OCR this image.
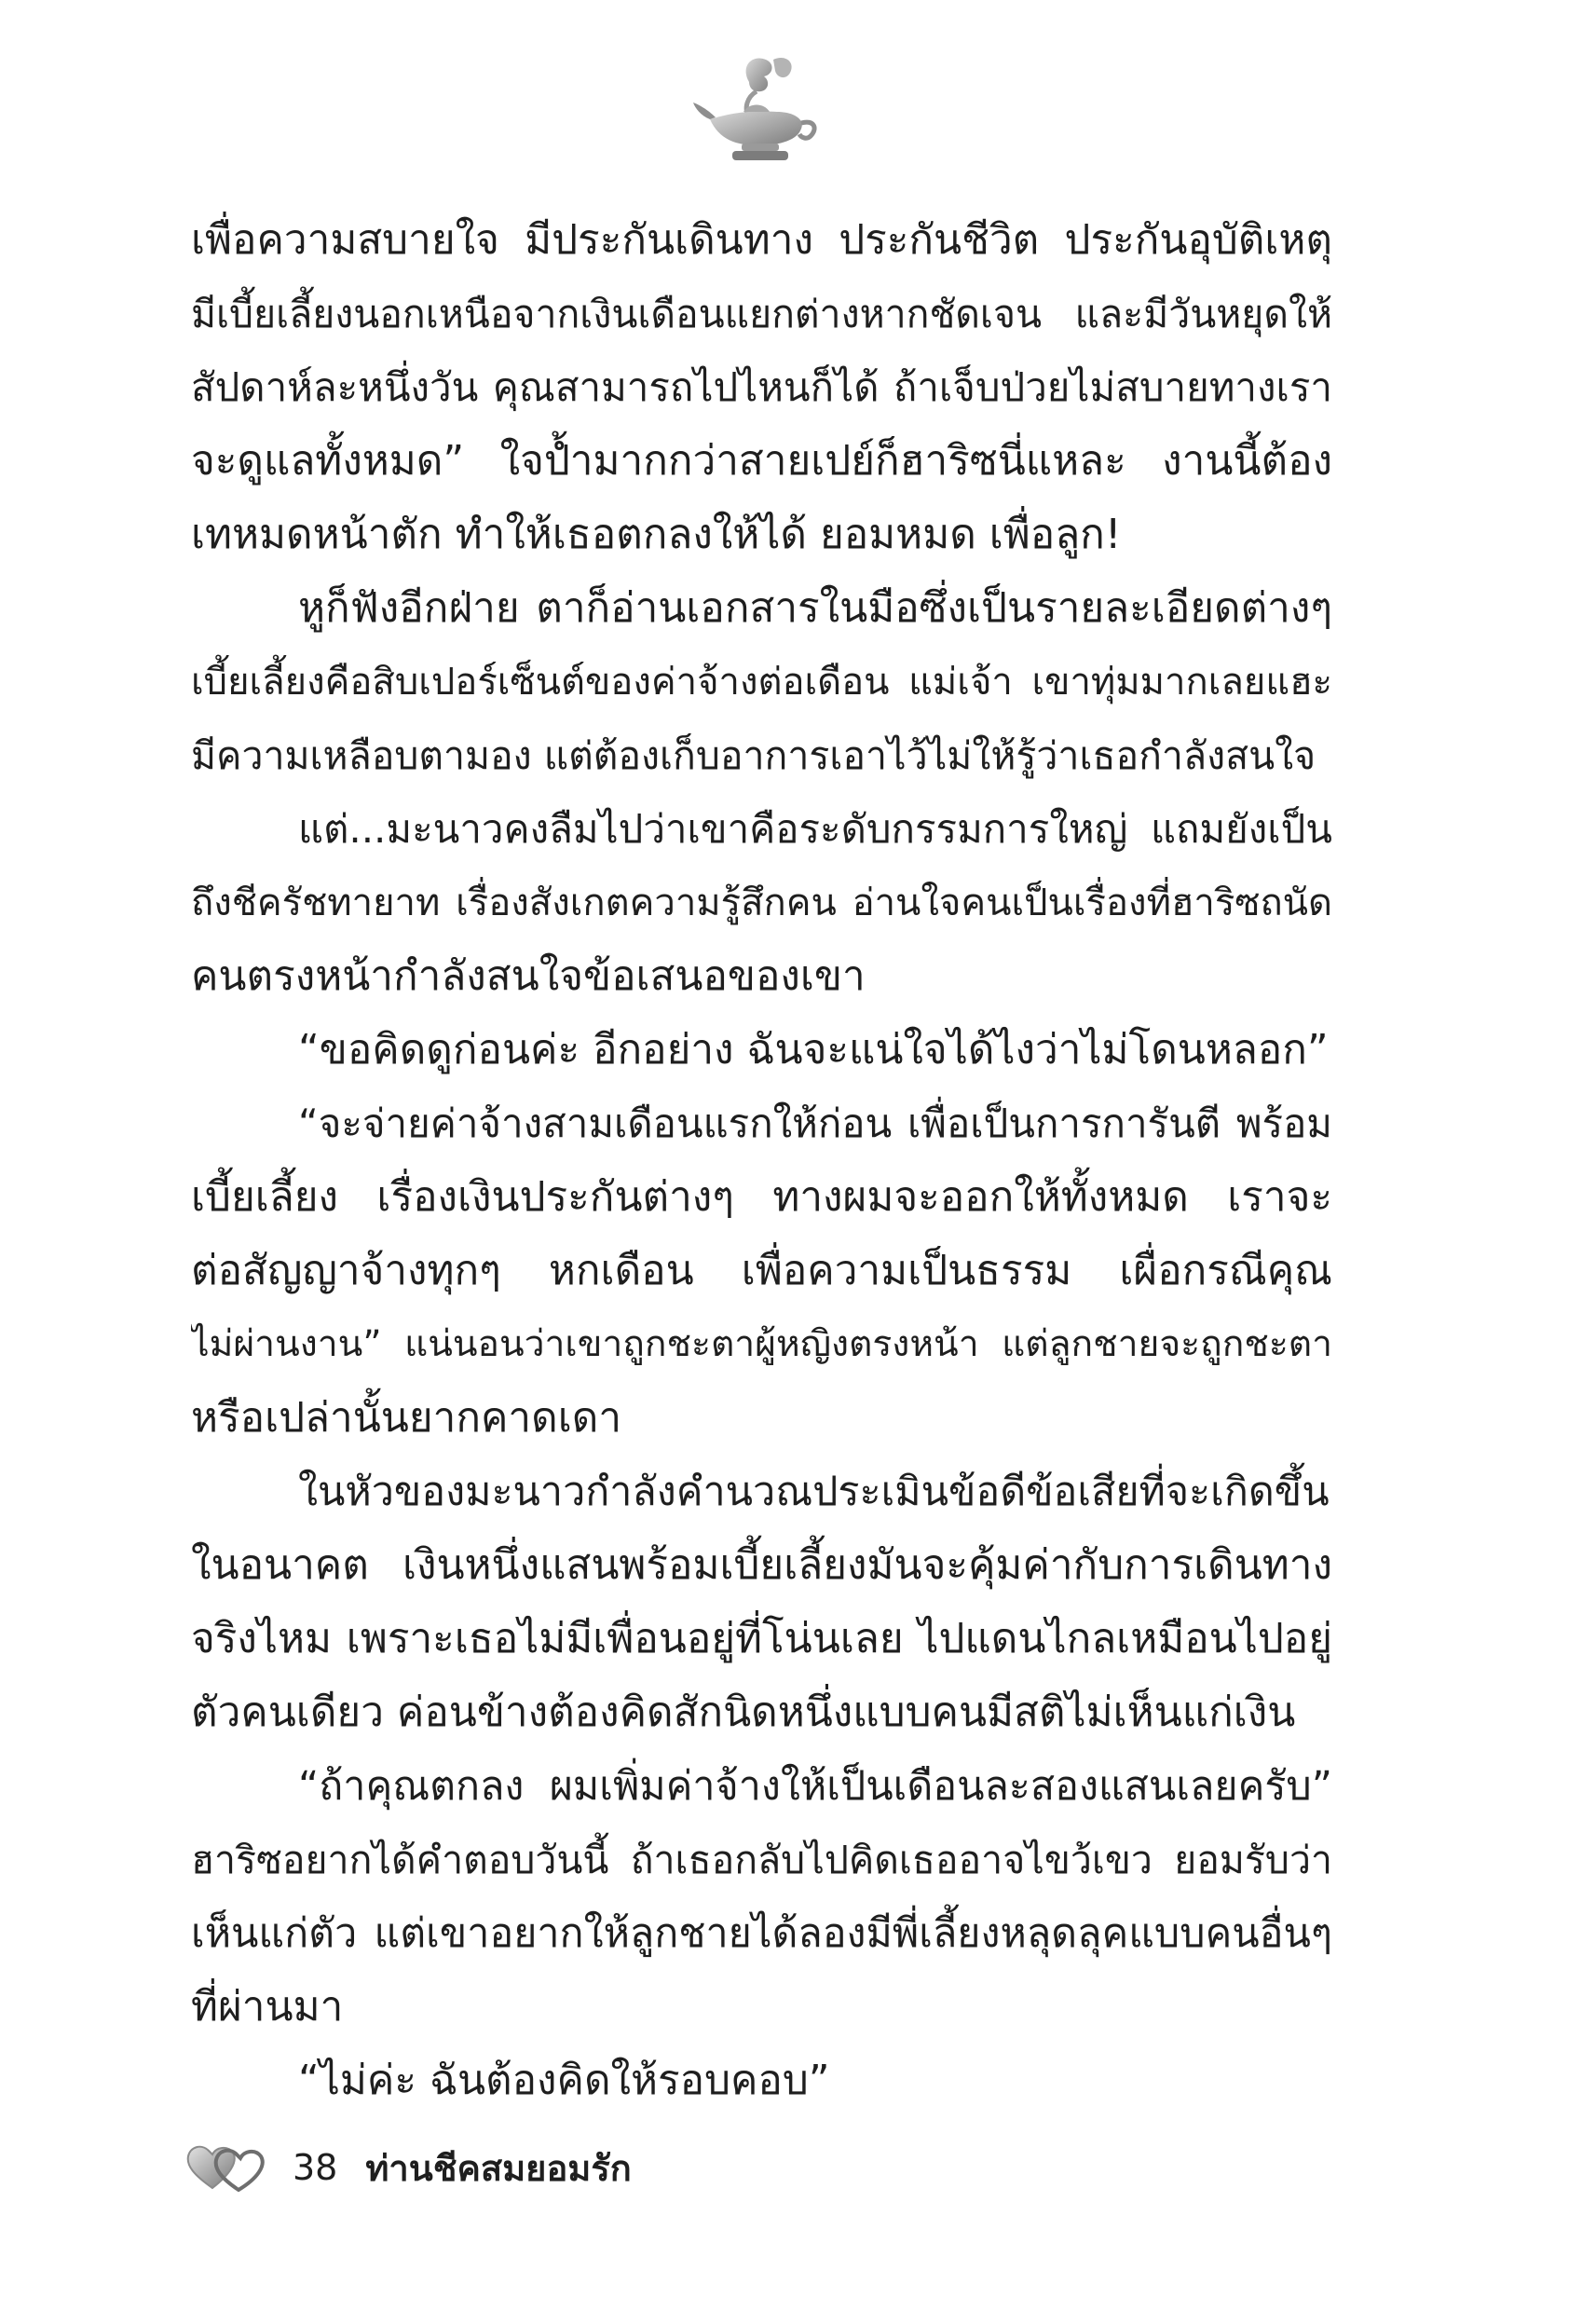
เพื่อความสบายใจ มีประกันเดินทาง ประกันชีวิต ประกันอุบัติเหตุ
มีเบี้ยเลี้ยงนอกเหนือจากเงินเดือนแยกต่างหากชัดเจน และมีวันหยุดให้
สัปดาห์ละหนึ่งวัน คุณสามารถไปไหนก็ได้ ถ้าเจ็บป่วยไม่สบายทางเรา
จะดูแลทั้งหมด” ใจป้ำมากกว่าสายเปย์ก็ฮาริซนี่แหละ งานนี้ต้อง
เทหมดหน้าตัก ทำให้เธอตกลงให้ได้ ยอมหมด เพื่อลูก!
หูก็ฟังอีกฝ่าย ตาก็อ่านเอกสารในมือซึ่งเป็นรายละเอียดต่างๆ
เบี้ยเลี้ยงคือสิบเปอร์เซ็นต์ของค่าจ้างต่อเดือน แม่เจ้า เขาทุ่มมากเลยแฮะ
มีความเหลือบตามอง แต่ต้องเก็บอาการเอาไว้ไม่ให้รู้ว่าเธอกำลังสนใจ
แต่...มะนาวคงลืมไปว่าเขาคือระดับกรรมการใหญ่ แถมยังเป็น
ถึงชีครัชทายาท เรื่องสังเกตความรู้สึกคน อ่านใจคนเป็นเรื่องที่ฮาริซถนัด
คนตรงหน้ากำลังสนใจข้อเสนอของเขา
“ขอคิดดูก่อนค่ะ อีกอย่าง ฉันจะแน่ใจได้ไงว่าไม่โดนหลอก”
“จะจ่ายค่าจ้างสามเดือนแรกให้ก่อน เพื่อเป็นการการันตี พร้อม
เบี้ยเลี้ยง เรื่องเงินประกันต่างๆ ทางผมจะออกให้ทั้งหมด เราจะ
ต่อสัญญาจ้างทุกๆ หกเดือน เพื่อความเป็นธรรม เผื่อกรณีคุณ
ไม่ผ่านงาน” แน่นอนว่าเขาถูกชะตาผู้หญิงตรงหน้า แต่ลูกชายจะถูกชะตา
หรือเปล่านั้นยากคาดเดา
ในหัวของมะนาวกำลังคำนวณประเมินข้อดีข้อเสียที่จะเกิดขึ้น
ในอนาคต เงินหนึ่งแสนพร้อมเบี้ยเลี้ยงมันจะคุ้มค่ากับการเดินทาง
จริงไหม เพราะเธอไม่มีเพื่อนอยู่ที่โน่นเลย ไปแดนไกลเหมือนไปอยู่
ตัวคนเดียว ค่อนข้างต้องคิดสักนิดหนึ่งแบบคนมีสติไม่เห็นแก่เงิน
“ถ้าคุณตกลง ผมเพิ่มค่าจ้างให้เป็นเดือนละสองแสนเลยครับ”
ฮาริซอยากได้คำตอบวันนี้ ถ้าเธอกลับไปคิดเธออาจไขว้เขว ยอมรับว่า
เห็นแก่ตัว แต่เขาอยากให้ลูกชายได้ลองมีพี่เลี้ยงหลุดลุคแบบคนอื่นๆ
ที่ผ่านมา
“ไม่ค่ะ ฉันต้องคิดให้รอบคอบ”
38 ท่านชีคสมยอมรัก
